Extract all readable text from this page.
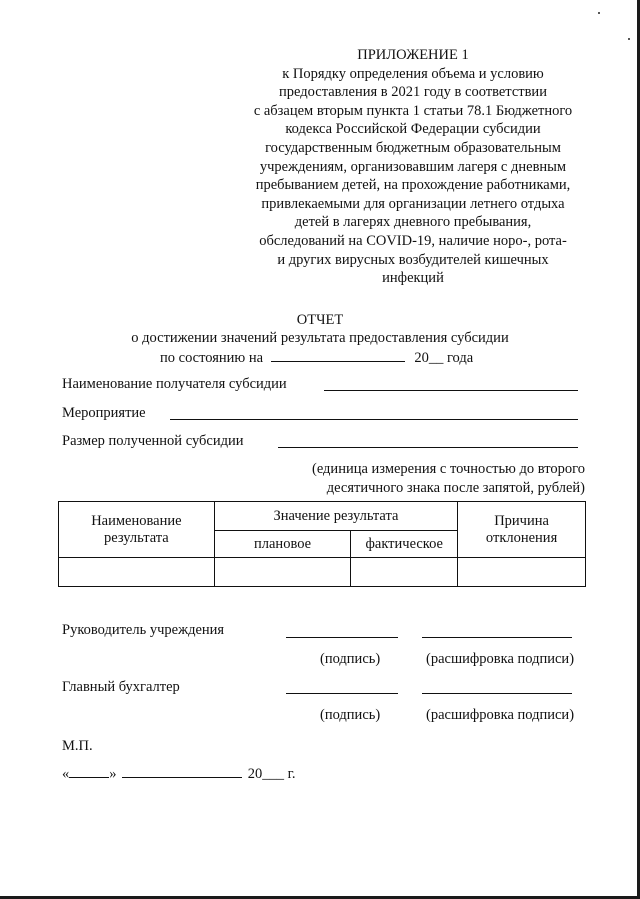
ПРИЛОЖЕНИЕ 1
к Порядку определения объема и условию
предоставления в 2021 году в соответствии
с абзацем вторым пункта 1 статьи 78.1 Бюджетного
кодекса Российской Федерации субсидии
государственным бюджетным образовательным
учреждениям, организовавшим лагеря с дневным
пребыванием детей, на прохождение работниками,
привлекаемыми для организации летнего отдыха
детей в лагерях дневного пребывания,
обследований на COVID-19, наличие норо-, рота-
и других вирусных возбудителей кишечных
инфекций
ОТЧЕТ
о достижении значений результата предоставления субсидии
по состоянию на	20__ года
Наименование получателя субсидии
Мероприятие
Размер полученной субсидии
(единица измерения с точностью до второго
десятичного знака после запятой, рублей)
Наименование результата	Значение результата		Причина отклонения
	плановое	фактическое	

Руководитель учреждения
(подпись)	(расшифровка подписи)
Главный бухгалтер
(подпись)	(расшифровка подписи)
М.П.
«	»	20___ г.
